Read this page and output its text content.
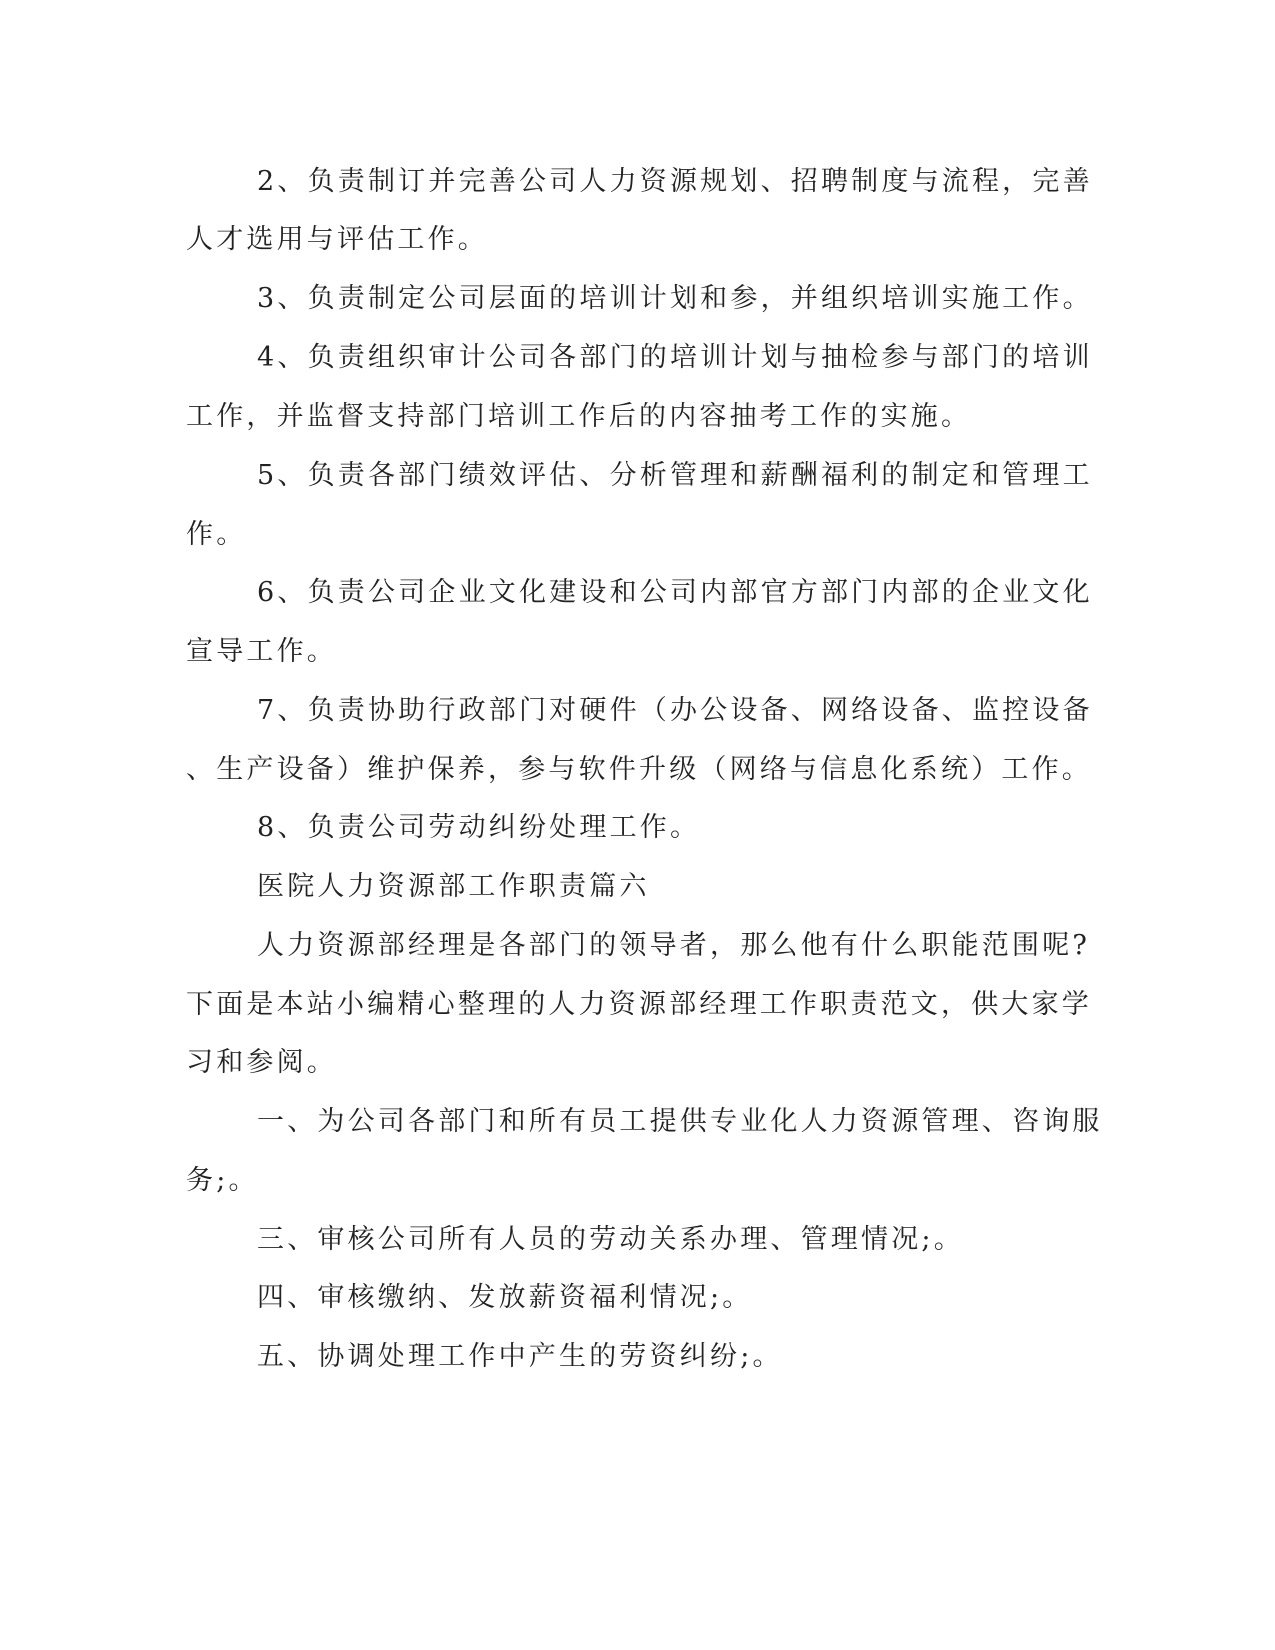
2、负责制订并完善公司人力资源规划、招聘制度与流程，完善
人才选用与评估工作。
3、负责制定公司层面的培训计划和参，并组织培训实施工作。
4、负责组织审计公司各部门的培训计划与抽检参与部门的培训
工作，并监督支持部门培训工作后的内容抽考工作的实施。
5、负责各部门绩效评估、分析管理和薪酬福利的制定和管理工
作。
6、负责公司企业文化建设和公司内部官方部门内部的企业文化
宣导工作。
7、负责协助行政部门对硬件（办公设备、网络设备、监控设备
、生产设备）维护保养，参与软件升级（网络与信息化系统）工作。
8、负责公司劳动纠纷处理工作。
医院人力资源部工作职责篇六
人力资源部经理是各部门的领导者，那么他有什么职能范围呢?
下面是本站小编精心整理的人力资源部经理工作职责范文，供大家学
习和参阅。
一、为公司各部门和所有员工提供专业化人力资源管理、咨询服
务;。
三、审核公司所有人员的劳动关系办理、管理情况;。
四、审核缴纳、发放薪资福利情况;。
五、协调处理工作中产生的劳资纠纷;。
